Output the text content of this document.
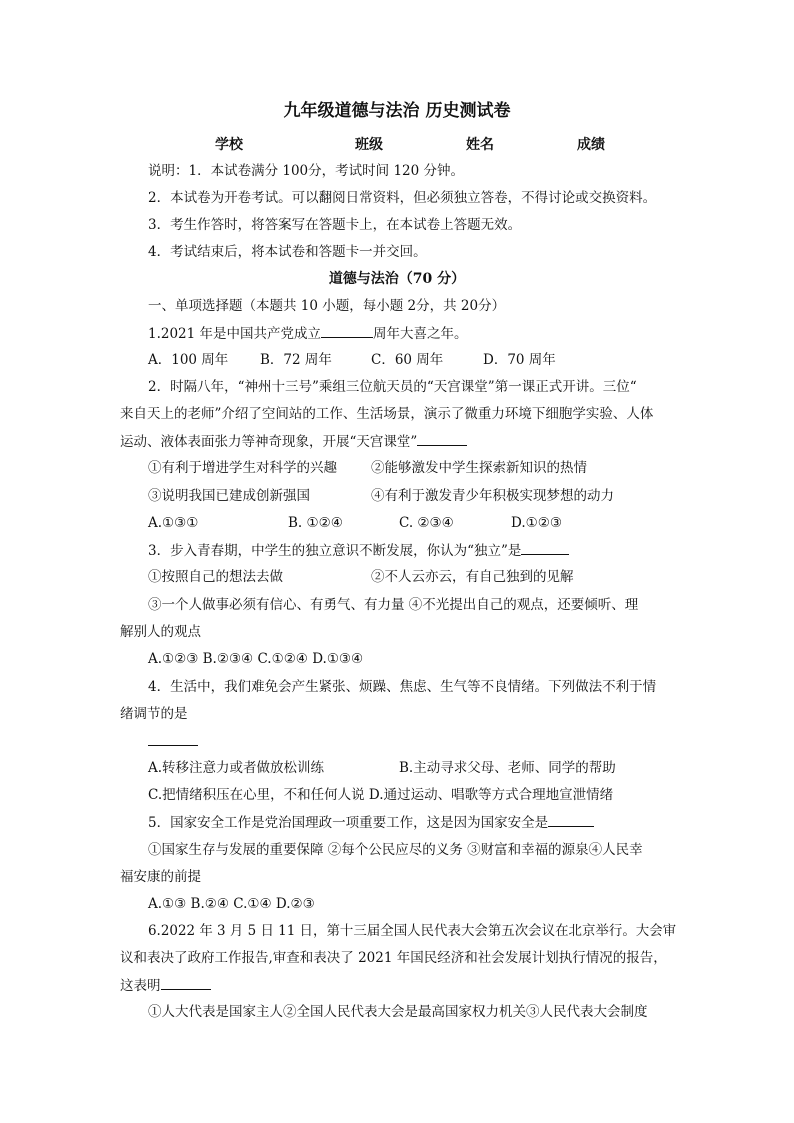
九年级道德与法治 历史测试卷
学校	班级	姓名	成绩
说明：1．本试卷满分 100分，考试时间 120 分钟。
2．本试卷为开卷考试。可以翻阅日常资料，但必须独立答卷，不得讨论或交换资料。
3．考生作答时，将答案写在答题卡上，在本试卷上答题无效。
4．考试结束后，将本试卷和答题卡一并交回。
道德与法治（70 分）
一、单项选择题（本题共 10 小题，每小题 2分，共 20分）
1.2021 年是中国共产党成立	周年大喜之年。
A．100 周年 B．72 周年	C．60 周年	D．70 周年
2．时隔八年，“神州十三号”乘组三位航天员的“天宫课堂”第一课正式开讲。三位“
来自天上的老师”介绍了空间站的工作、生活场景，演示了微重力环境下细胞学实验、人体
运动、液体表面张力等神奇现象，开展“天宫课堂”
①有利于增进学生对科学的兴趣	②能够激发中学生探索新知识的热情
③说明我国已建成创新强国	④有利于激发青少年积极实现梦想的动力
A.①③①	B. ①②④	C. ②③④	D.①②③
3．步入青春期，中学生的独立意识不断发展，你认为“独立”是
①按照自己的想法去做	②不人云亦云，有自己独到的见解
③一个人做事必须有信心、有勇气、有力量 ④不光提出自己的观点，还要倾听、理
解别人的观点
A.①②③ B.②③④ C.①②④ D.①③④
4．生活中，我们难免会产生紧张、烦躁、焦虑、生气等不良情绪。下列做法不利于情
绪调节的是
A.转移注意力或者做放松训练	B.主动寻求父母、老师、同学的帮助
C.把情绪积压在心里，不和任何人说 D.通过运动、唱歌等方式合理地宣泄情绪
5．国家安全工作是党治国理政一项重要工作，这是因为国家安全是
①国家生存与发展的重要保障 ②每个公民应尽的义务 ③财富和幸福的源泉④人民幸
福安康的前提
A.①③ B.②④ C.①④ D.②③
6.2022 年 3 月 5 日 11 日，第十三届全国人民代表大会第五次会议在北京举行。大会审
议和表决了政府工作报告,审查和表决了 2021 年国民经济和社会发展计划执行情况的报告，
这表明
①人大代表是国家主人②全国人民代表大会是最高国家权力机关③人民代表大会制度
